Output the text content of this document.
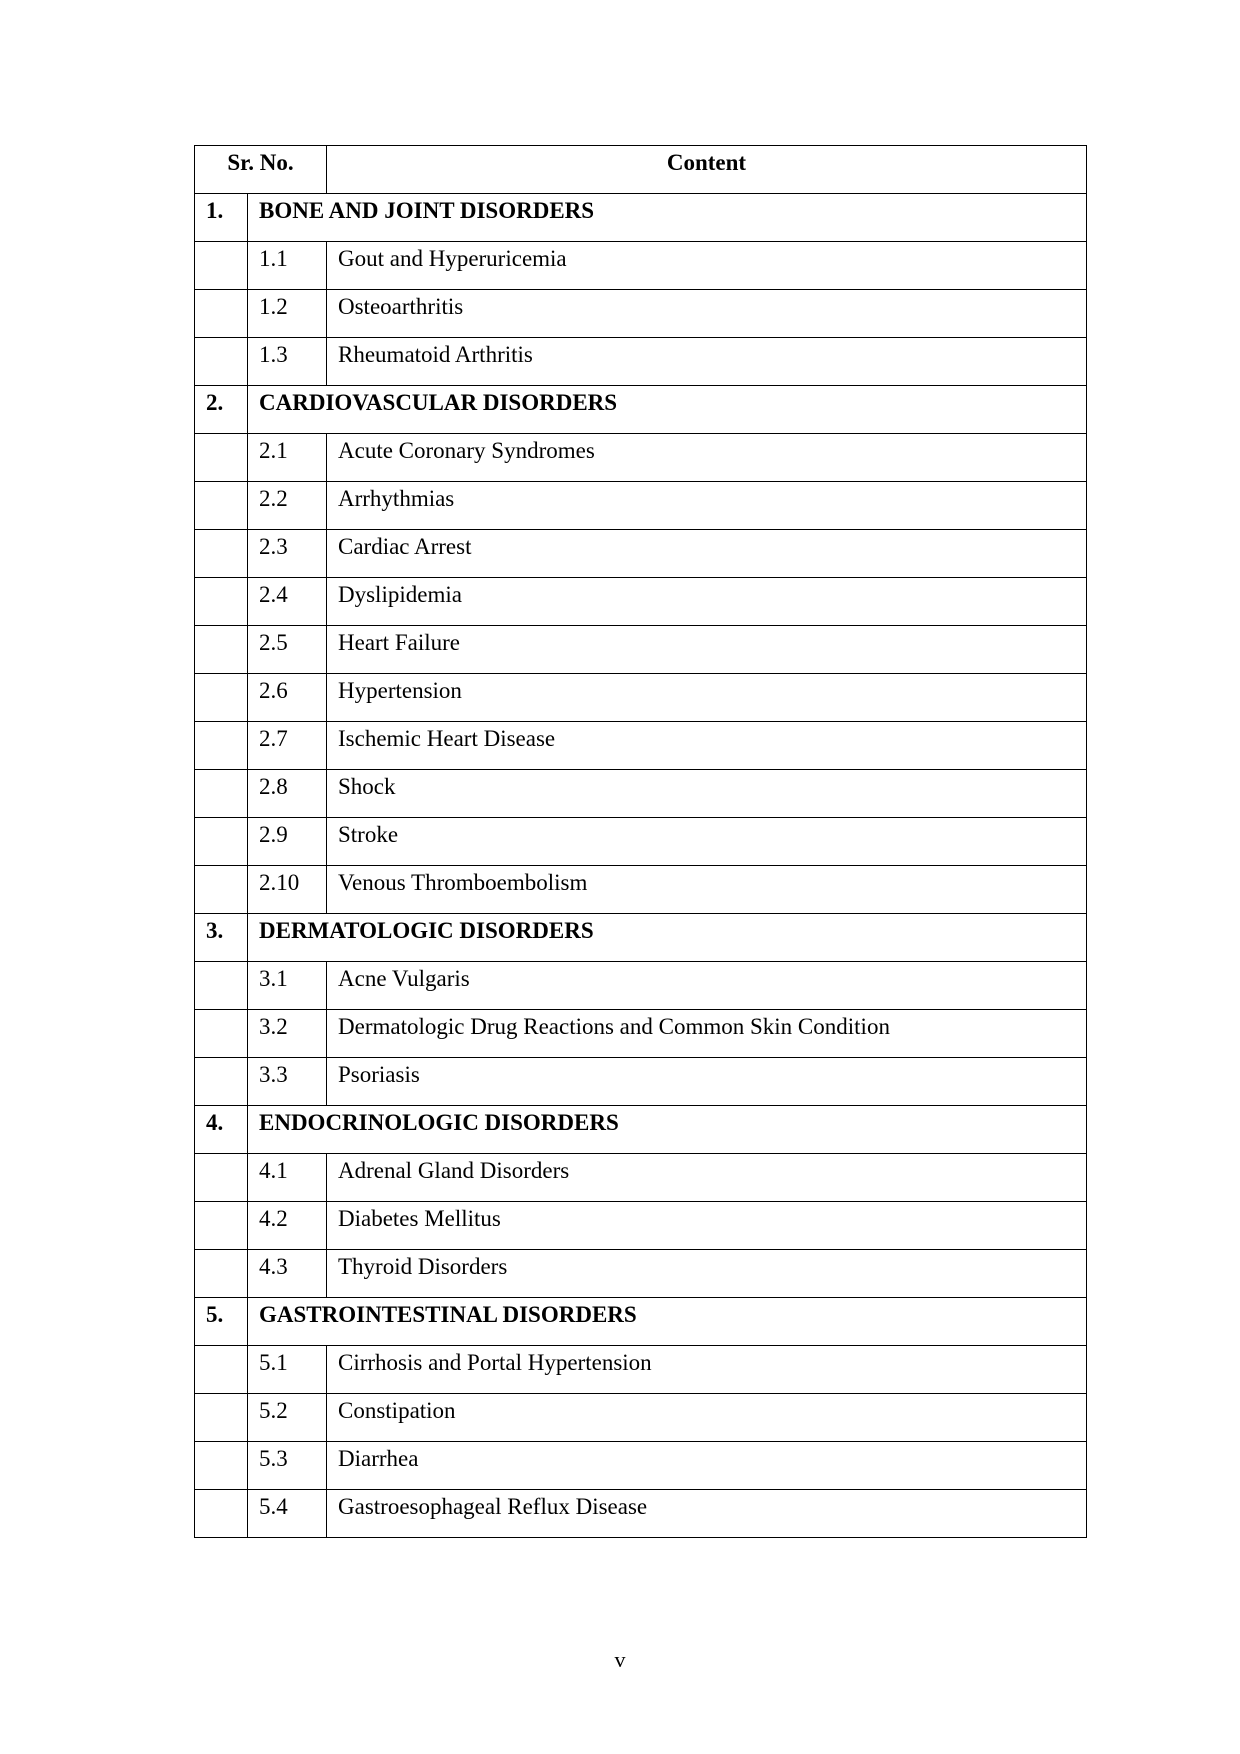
Sr. No.		Content
1.	BONE AND JOINT DISORDERS	
	1.1	Gout and Hyperuricemia
	1.2	Osteoarthritis
	1.3	Rheumatoid Arthritis
2.	CARDIOVASCULAR DISORDERS	
	2.1	Acute Coronary Syndromes
	2.2	Arrhythmias
	2.3	Cardiac Arrest
	2.4	Dyslipidemia
	2.5	Heart Failure
	2.6	Hypertension
	2.7	Ischemic Heart Disease
	2.8	Shock
	2.9	Stroke
	2.10	Venous Thromboembolism
3.	DERMATOLOGIC DISORDERS	
	3.1	Acne Vulgaris
	3.2	Dermatologic Drug Reactions and Common Skin Condition
	3.3	Psoriasis
4.	ENDOCRINOLOGIC DISORDERS	
	4.1	Adrenal Gland Disorders
	4.2	Diabetes Mellitus
	4.3	Thyroid Disorders
5.	GASTROINTESTINAL DISORDERS	
	5.1	Cirrhosis and Portal Hypertension
	5.2	Constipation
	5.3	Diarrhea
	5.4	Gastroesophageal Reflux Disease
v
